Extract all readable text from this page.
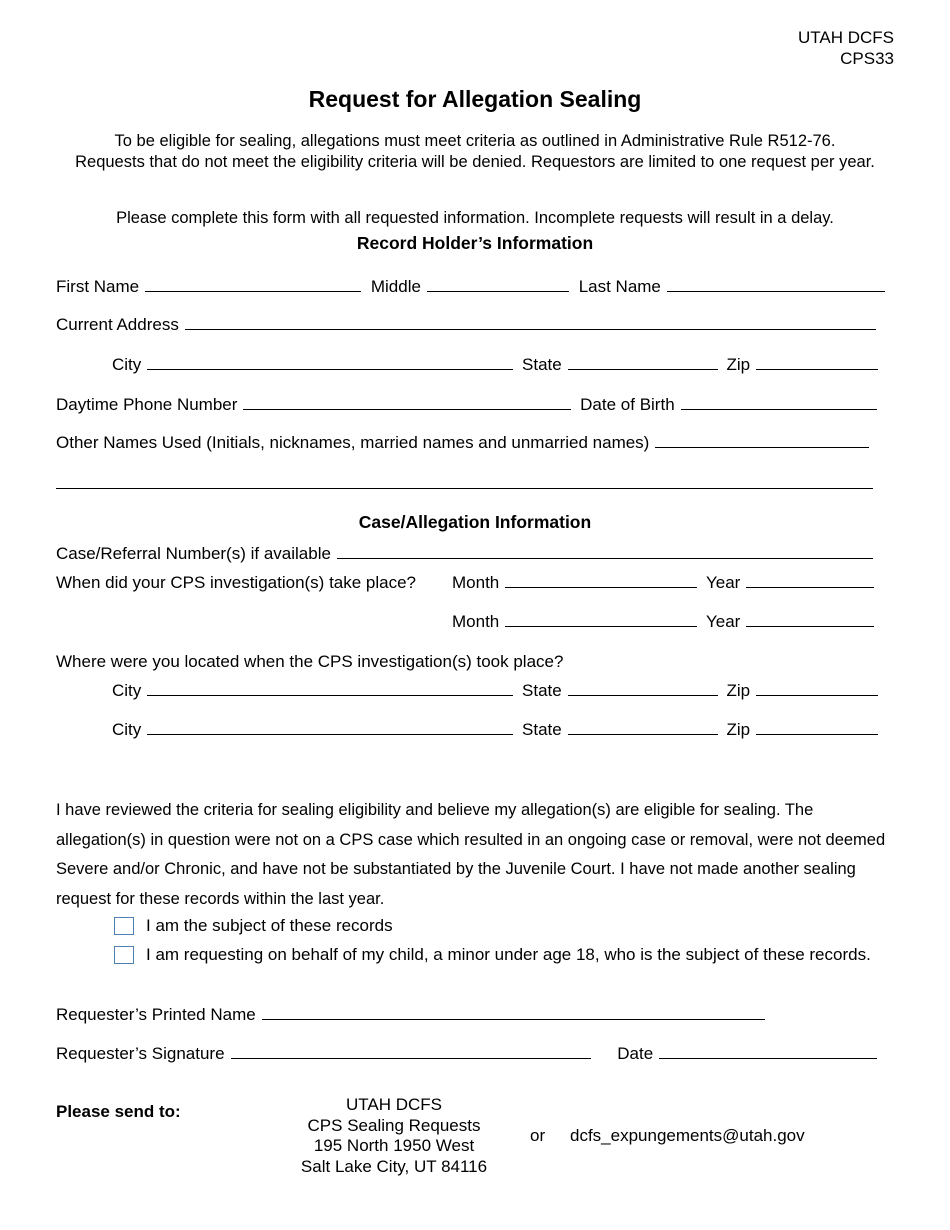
UTAH DCFS
CPS33
Request for Allegation Sealing
To be eligible for sealing, allegations must meet criteria as outlined in Administrative Rule R512-76.
Requests that do not meet the eligibility criteria will be denied. Requestors are limited to one request per year.
Please complete this form with all requested information. Incomplete requests will result in a delay.
Record Holder’s Information
First Name	Middle	Last Name
Current Address
City	State	Zip
Daytime Phone Number	Date of Birth
Other Names Used (Initials, nicknames, married names and unmarried names)
Case/Allegation Information
Case/Referral Number(s) if available
When did your CPS investigation(s) take place? Month	Year
Month	Year
Where were you located when the CPS investigation(s) took place?
City	State	Zip
City	State	Zip
I have reviewed the criteria for sealing eligibility and believe my allegation(s) are eligible for sealing. The allegation(s) in question were not on a CPS case which resulted in an ongoing case or removal, were not deemed Severe and/or Chronic, and have not be substantiated by the Juvenile Court. I have not made another sealing request for these records within the last year.
I am the subject of these records
I am requesting on behalf of my child, a minor under age 18, who is the subject of these records.
Requester’s Printed Name
Requester’s Signature	Date
Please send to:	UTAH DCFS
CPS Sealing Requests
195 North 1950 West
Salt Lake City, UT 84116
or dcfs_expungements@utah.gov
